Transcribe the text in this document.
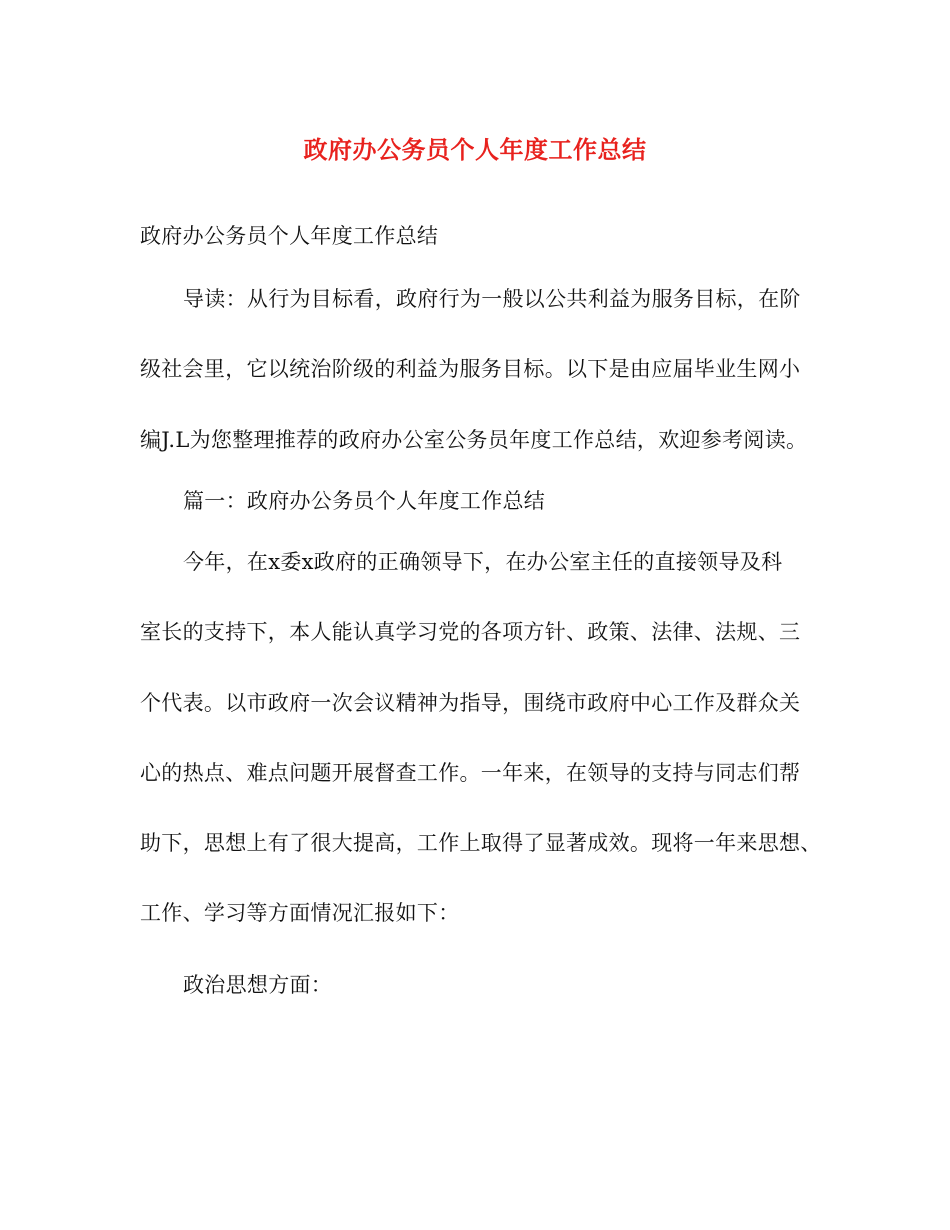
政府办公务员个人年度工作总结
政府办公务员个人年度工作总结
导读：从行为目标看，政府行为一般以公共利益为服务目标，在阶
级社会里，它以统治阶级的利益为服务目标。以下是由应届毕业生网小
编J.L为您整理推荐的政府办公室公务员年度工作总结，欢迎参考阅读。
篇一：政府办公务员个人年度工作总结
今年，在x委x政府的正确领导下，在办公室主任的直接领导及科
室长的支持下，本人能认真学习党的各项方针、政策、法律、法规、三
个代表。以市政府一次会议精神为指导，围绕市政府中心工作及群众关
心的热点、难点问题开展督查工作。一年来，在领导的支持与同志们帮
助下，思想上有了很大提高，工作上取得了显著成效。现将一年来思想、
工作、学习等方面情况汇报如下：
政治思想方面：
